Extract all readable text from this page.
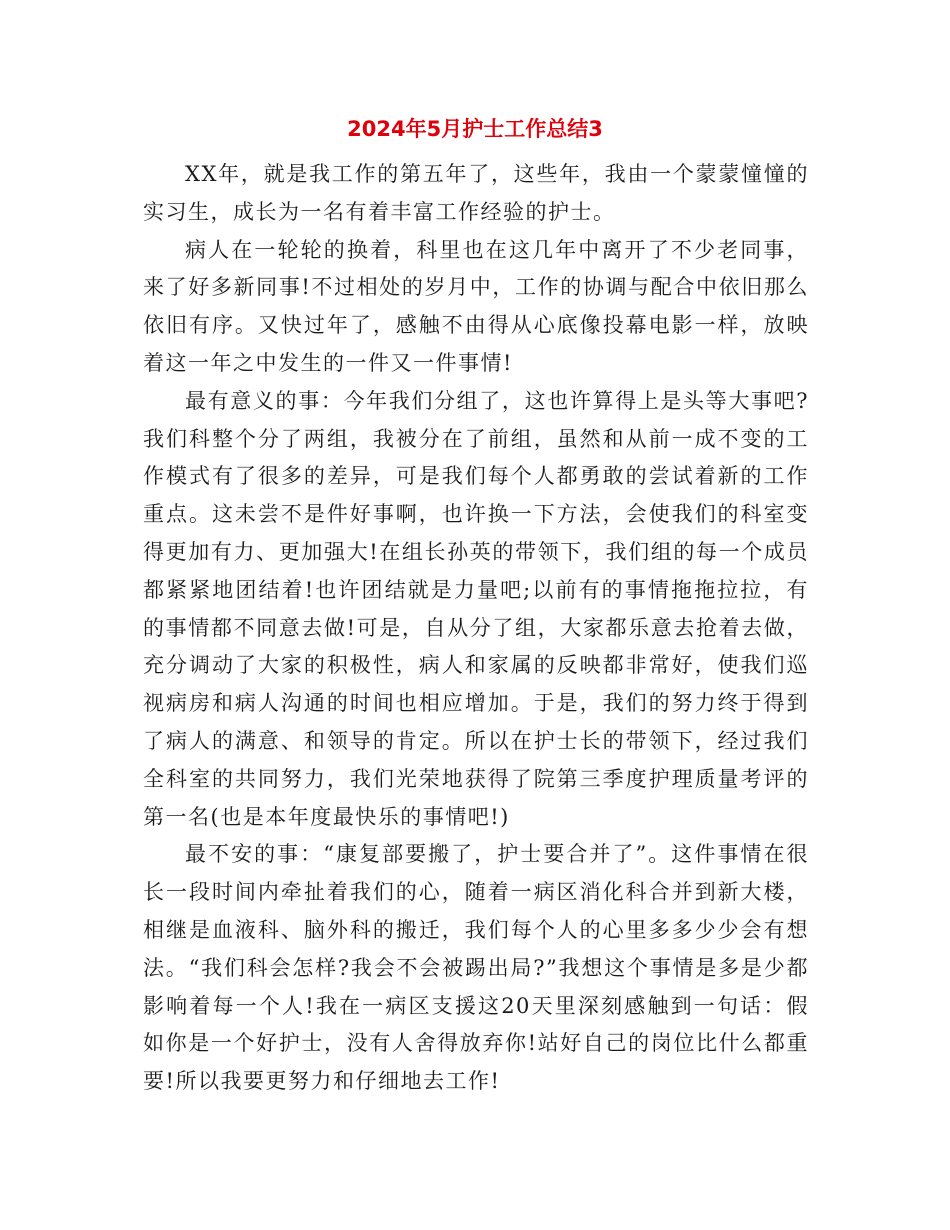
2024年5月护士工作总结3

XX年，就是我工作的第五年了，这些年，我由一个蒙蒙憧憧的实习生，成长为一名有着丰富工作经验的护士。

病人在一轮轮的换着，科里也在这几年中离开了不少老同事，来了好多新同事!不过相处的岁月中，工作的协调与配合中依旧那么依旧有序。又快过年了，感触不由得从心底像投幕电影一样，放映着这一年之中发生的一件又一件事情!

最有意义的事：今年我们分组了，这也许算得上是头等大事吧?我们科整个分了两组，我被分在了前组，虽然和从前一成不变的工作模式有了很多的差异，可是我们每个人都勇敢的尝试着新的工作重点。这未尝不是件好事啊，也许换一下方法，会使我们的科室变得更加有力、更加强大!在组长孙英的带领下，我们组的每一个成员都紧紧地团结着!也许团结就是力量吧;以前有的事情拖拖拉拉，有的事情都不同意去做!可是，自从分了组，大家都乐意去抢着去做，充分调动了大家的积极性，病人和家属的反映都非常好，使我们巡视病房和病人沟通的时间也相应增加。于是，我们的努力终于得到了病人的满意、和领导的肯定。所以在护士长的带领下，经过我们全科室的共同努力，我们光荣地获得了院第三季度护理质量考评的第一名(也是本年度最快乐的事情吧!)

最不安的事：“康复部要搬了，护士要合并了”。这件事情在很长一段时间内牵扯着我们的心，随着一病区消化科合并到新大楼，相继是血液科、脑外科的搬迁，我们每个人的心里多多少少会有想法。“我们科会怎样?我会不会被踢出局?”我想这个事情是多是少都影响着每一个人!我在一病区支援这20天里深刻感触到一句话：假如你是一个好护士，没有人舍得放弃你!站好自己的岗位比什么都重要!所以我要更努力和仔细地去工作!
